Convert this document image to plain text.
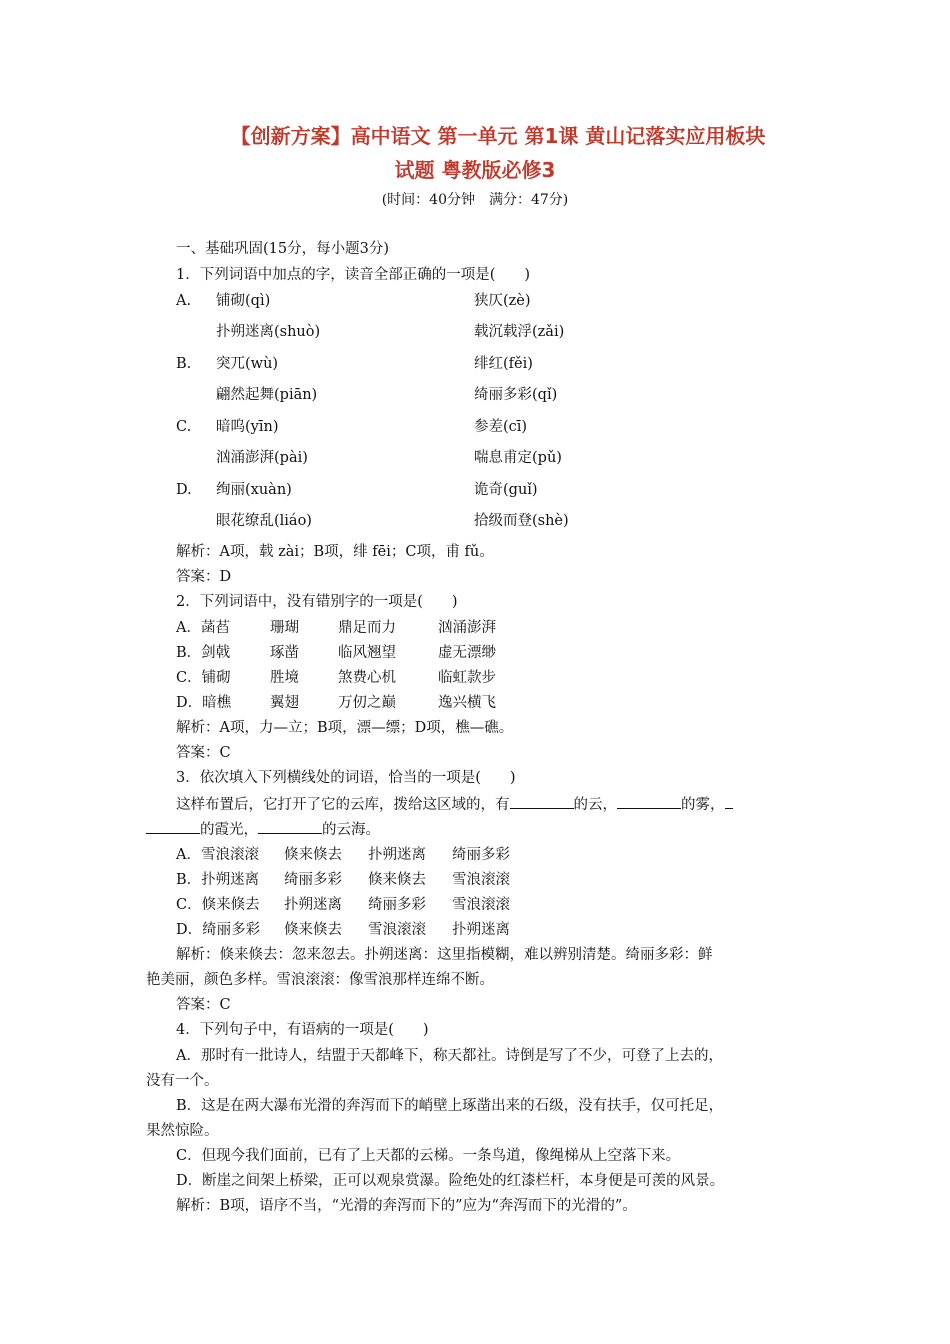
【创新方案】高中语文 第一单元 第1课 黄山记落实应用板块
试题 粤教版必修3
(时间：40分钟　满分：47分)
一、基础巩固(15分，每小题3分)
1．下列词语中加点的字，读音全部正确的一项是(　　)
A. 铺砌(qì)	狭仄(zè)
扑朔迷离(shuò)	载沉载浮(zǎi)
B. 突兀(wù)	绯红(fěi)
翩然起舞(piān)	绮丽多彩(qǐ)
C. 暗呜(yīn)	参差(cī)
汹涌澎湃(pài)	喘息甫定(pǔ)
D. 绚丽(xuàn)	诡奇(guǐ)
眼花缭乱(liáo)	拾级而登(shè)
解析：A项，载 zài；B项，绯 fēi；C项，甫 fǔ。
答案：D
2．下列词语中，没有错别字的一项是(　　)
A．菡萏	珊瑚	鼎足而力	汹涌澎湃
B．剑戟	琢凿	临风翘望	虚无漂缈
C．铺砌	胜境	煞费心机	临虹款步
D．暗樵	翼翅	万仞之巅	逸兴横飞
解析：A项，力—立；B项，漂—缥；D项，樵—礁。
答案：C
3．依次填入下列横线处的词语，恰当的一项是(　　)
这样布置后，它打开了它的云库，拨给这区域的，有	的云，	的雾，
的霞光，	的云海。
A．雪浪滚滚 倏来倏去 扑朔迷离 绮丽多彩
B．扑朔迷离 绮丽多彩 倏来倏去 雪浪滚滚
C．倏来倏去 扑朔迷离 绮丽多彩 雪浪滚滚
D．绮丽多彩 倏来倏去 雪浪滚滚 扑朔迷离
解析：倏来倏去：忽来忽去。扑朔迷离：这里指模糊，难以辨别清楚。绮丽多彩：鲜
艳美丽，颜色多样。雪浪滚滚：像雪浪那样连绵不断。
答案：C
4．下列句子中，有语病的一项是(　　)
A．那时有一批诗人，结盟于天都峰下，称天都社。诗倒是写了不少，可登了上去的，
没有一个。
B．这是在两大瀑布光滑的奔泻而下的峭壁上琢凿出来的石级，没有扶手，仅可托足，
果然惊险。
C．但现今我们面前，已有了上天都的云梯。一条鸟道，像绳梯从上空落下来。
D．断崖之间架上桥梁，正可以观泉赏瀑。险绝处的红漆栏杆，本身便是可羡的风景。
解析：B项，语序不当，“光滑的奔泻而下的”应为“奔泻而下的光滑的”。
